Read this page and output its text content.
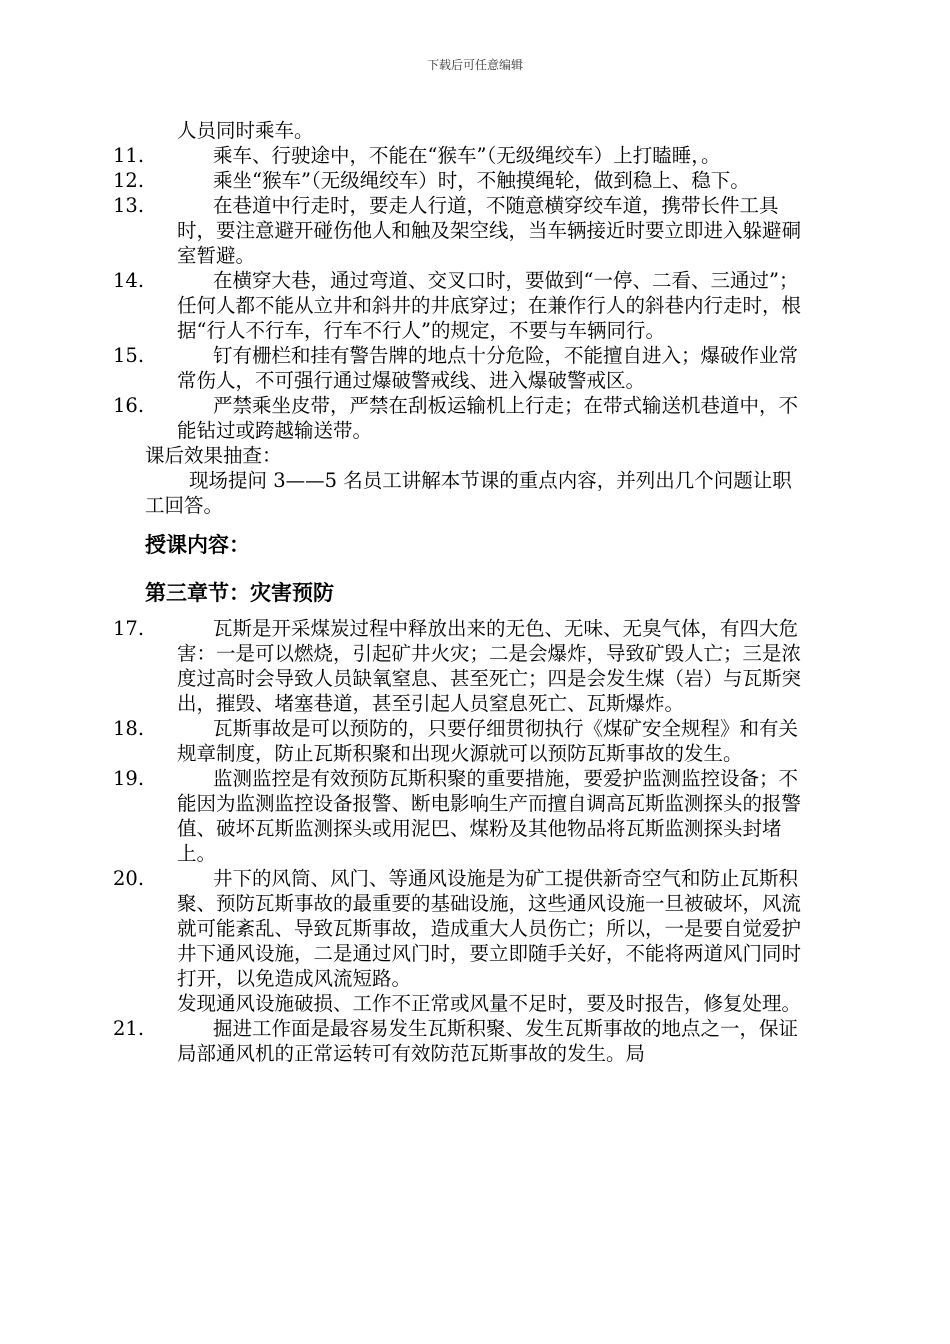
下载后可任意编辑

人员同时乘车。

11.	乘车、行驶途中，不能在“猴车”（无级绳绞车）上打瞌睡，。
12.	乘坐“猴车”（无级绳绞车）时，不触摸绳轮，做到稳上、稳下。
13.	在巷道中行走时，要走人行道，不随意横穿绞车道，携带长件工具时，要注意避开碰伤他人和触及架空线，当车辆接近时要立即进入躲避硐室暂避。
14.	在横穿大巷，通过弯道、交叉口时，要做到“一停、二看、三通过”；任何人都不能从立井和斜井的井底穿过；在兼作行人的斜巷内行走时，根据“行人不行车，行车不行人”的规定，不要与车辆同行。
15.	钉有栅栏和挂有警告牌的地点十分危险，不能擅自进入；爆破作业常常伤人，不可强行通过爆破警戒线、进入爆破警戒区。
16.	严禁乘坐皮带，严禁在刮板运输机上行走；在带式输送机巷道中，不能钻过或跨越输送带。

课后效果抽查：

现场提问 3——5 名员工讲解本节课的重点内容，并列出几个问题让职工回答。

授课内容：

第三章节：灾害预防

17.	瓦斯是开采煤炭过程中释放出来的无色、无味、无臭气体，有四大危害：一是可以燃烧，引起矿井火灾；二是会爆炸，导致矿毁人亡；三是浓度过高时会导致人员缺氧窒息、甚至死亡；四是会发生煤（岩）与瓦斯突出，摧毁、堵塞巷道，甚至引起人员窒息死亡、瓦斯爆炸。
18.	瓦斯事故是可以预防的，只要仔细贯彻执行《煤矿安全规程》和有关规章制度，防止瓦斯积聚和出现火源就可以预防瓦斯事故的发生。
19.	监测监控是有效预防瓦斯积聚的重要措施，要爱护监测监控设备；不能因为监测监控设备报警、断电影响生产而擅自调高瓦斯监测探头的报警值、破坏瓦斯监测探头或用泥巴、煤粉及其他物品将瓦斯监测探头封堵上。
20.	井下的风筒、风门、等通风设施是为矿工提供新奇空气和防止瓦斯积聚、预防瓦斯事故的最重要的基础设施，这些通风设施一旦被破坏，风流就可能紊乱、导致瓦斯事故，造成重大人员伤亡；所以，一是要自觉爱护井下通风设施，二是通过风门时，要立即随手关好，不能将两道风门同时打开，以免造成风流短路。

发现通风设施破损、工作不正常或风量不足时，要及时报告，修复处理。

21.	掘进工作面是最容易发生瓦斯积聚、发生瓦斯事故的地点之一，保证局部通风机的正常运转可有效防范瓦斯事故的发生。局
